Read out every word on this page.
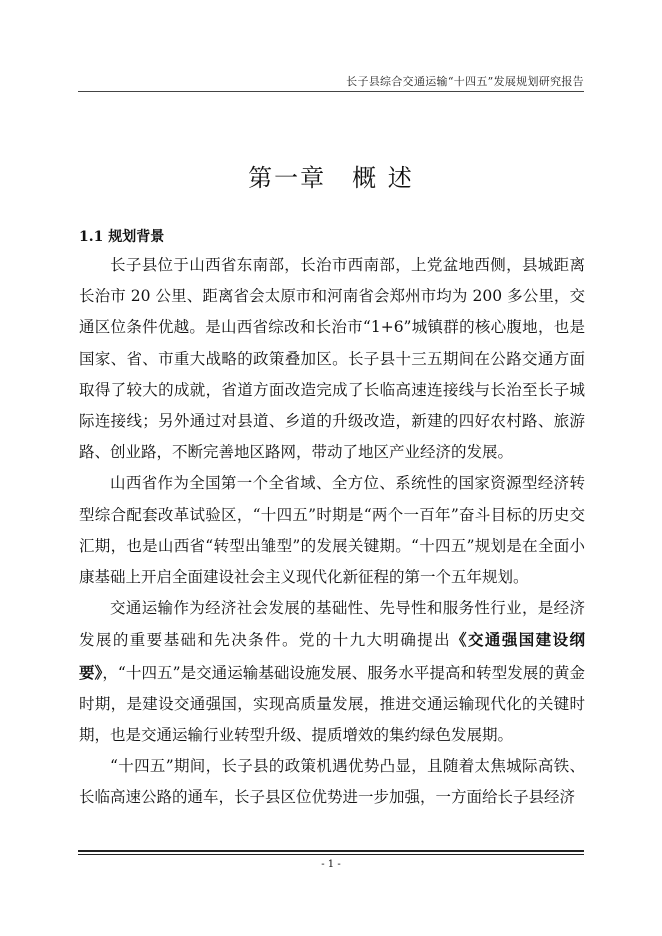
长子县综合交通运输“十四五”发展规划研究报告
第一章　概 述
1.1 规划背景

长子县位于山西省东南部，长治市西南部，上党盆地西侧，县城距离长治市 20 公里、距离省会太原市和河南省会郑州市均为 200 多公里，交通区位条件优越。是山西省综改和长治市“1+6”城镇群的核心腹地，也是国家、省、市重大战略的政策叠加区。长子县十三五期间在公路交通方面取得了较大的成就，省道方面改造完成了长临高速连接线与长治至长子城际连接线；另外通过对县道、乡道的升级改造，新建的四好农村路、旅游路、创业路，不断完善地区路网，带动了地区产业经济的发展。

山西省作为全国第一个全省域、全方位、系统性的国家资源型经济转型综合配套改革试验区，“十四五”时期是“两个一百年”奋斗目标的历史交汇期，也是山西省“转型出雏型”的发展关键期。“十四五”规划是在全面小康基础上开启全面建设社会主义现代化新征程的第一个五年规划。

交通运输作为经济社会发展的基础性、先导性和服务性行业，是经济发展的重要基础和先决条件。党的十九大明确提出《交通强国建设纲要》，“十四五”是交通运输基础设施发展、服务水平提高和转型发展的黄金时期，是建设交通强国，实现高质量发展，推进交通运输现代化的关键时期，也是交通运输行业转型升级、提质增效的集约绿色发展期。

“十四五”期间，长子县的政策机遇优势凸显，且随着太焦城际高铁、长临高速公路的通车，长子县区位优势进一步加强，一方面给长子县经济

- 1 -
